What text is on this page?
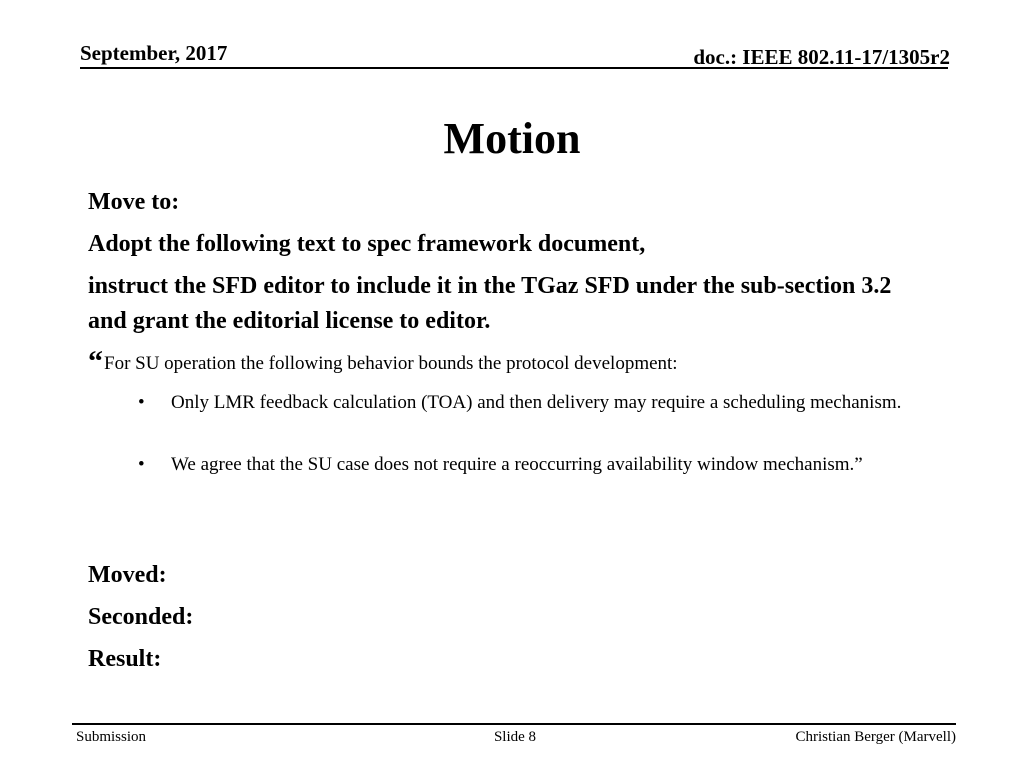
September, 2017	doc.: IEEE 802.11-17/1305r2
Motion
Move to:
Adopt the following text to spec framework document,
instruct the SFD editor to include it in the TGaz SFD under the sub-section 3.2 and grant the editorial license to editor.
“For SU operation the following behavior bounds the protocol development:
• Only LMR feedback calculation (TOA) and then delivery may require a scheduling mechanism.
• We agree that the SU case does not require a reoccurring availability window mechanism.”
Moved:
Seconded:
Result:
Submission	Slide 8	Christian Berger (Marvell)
